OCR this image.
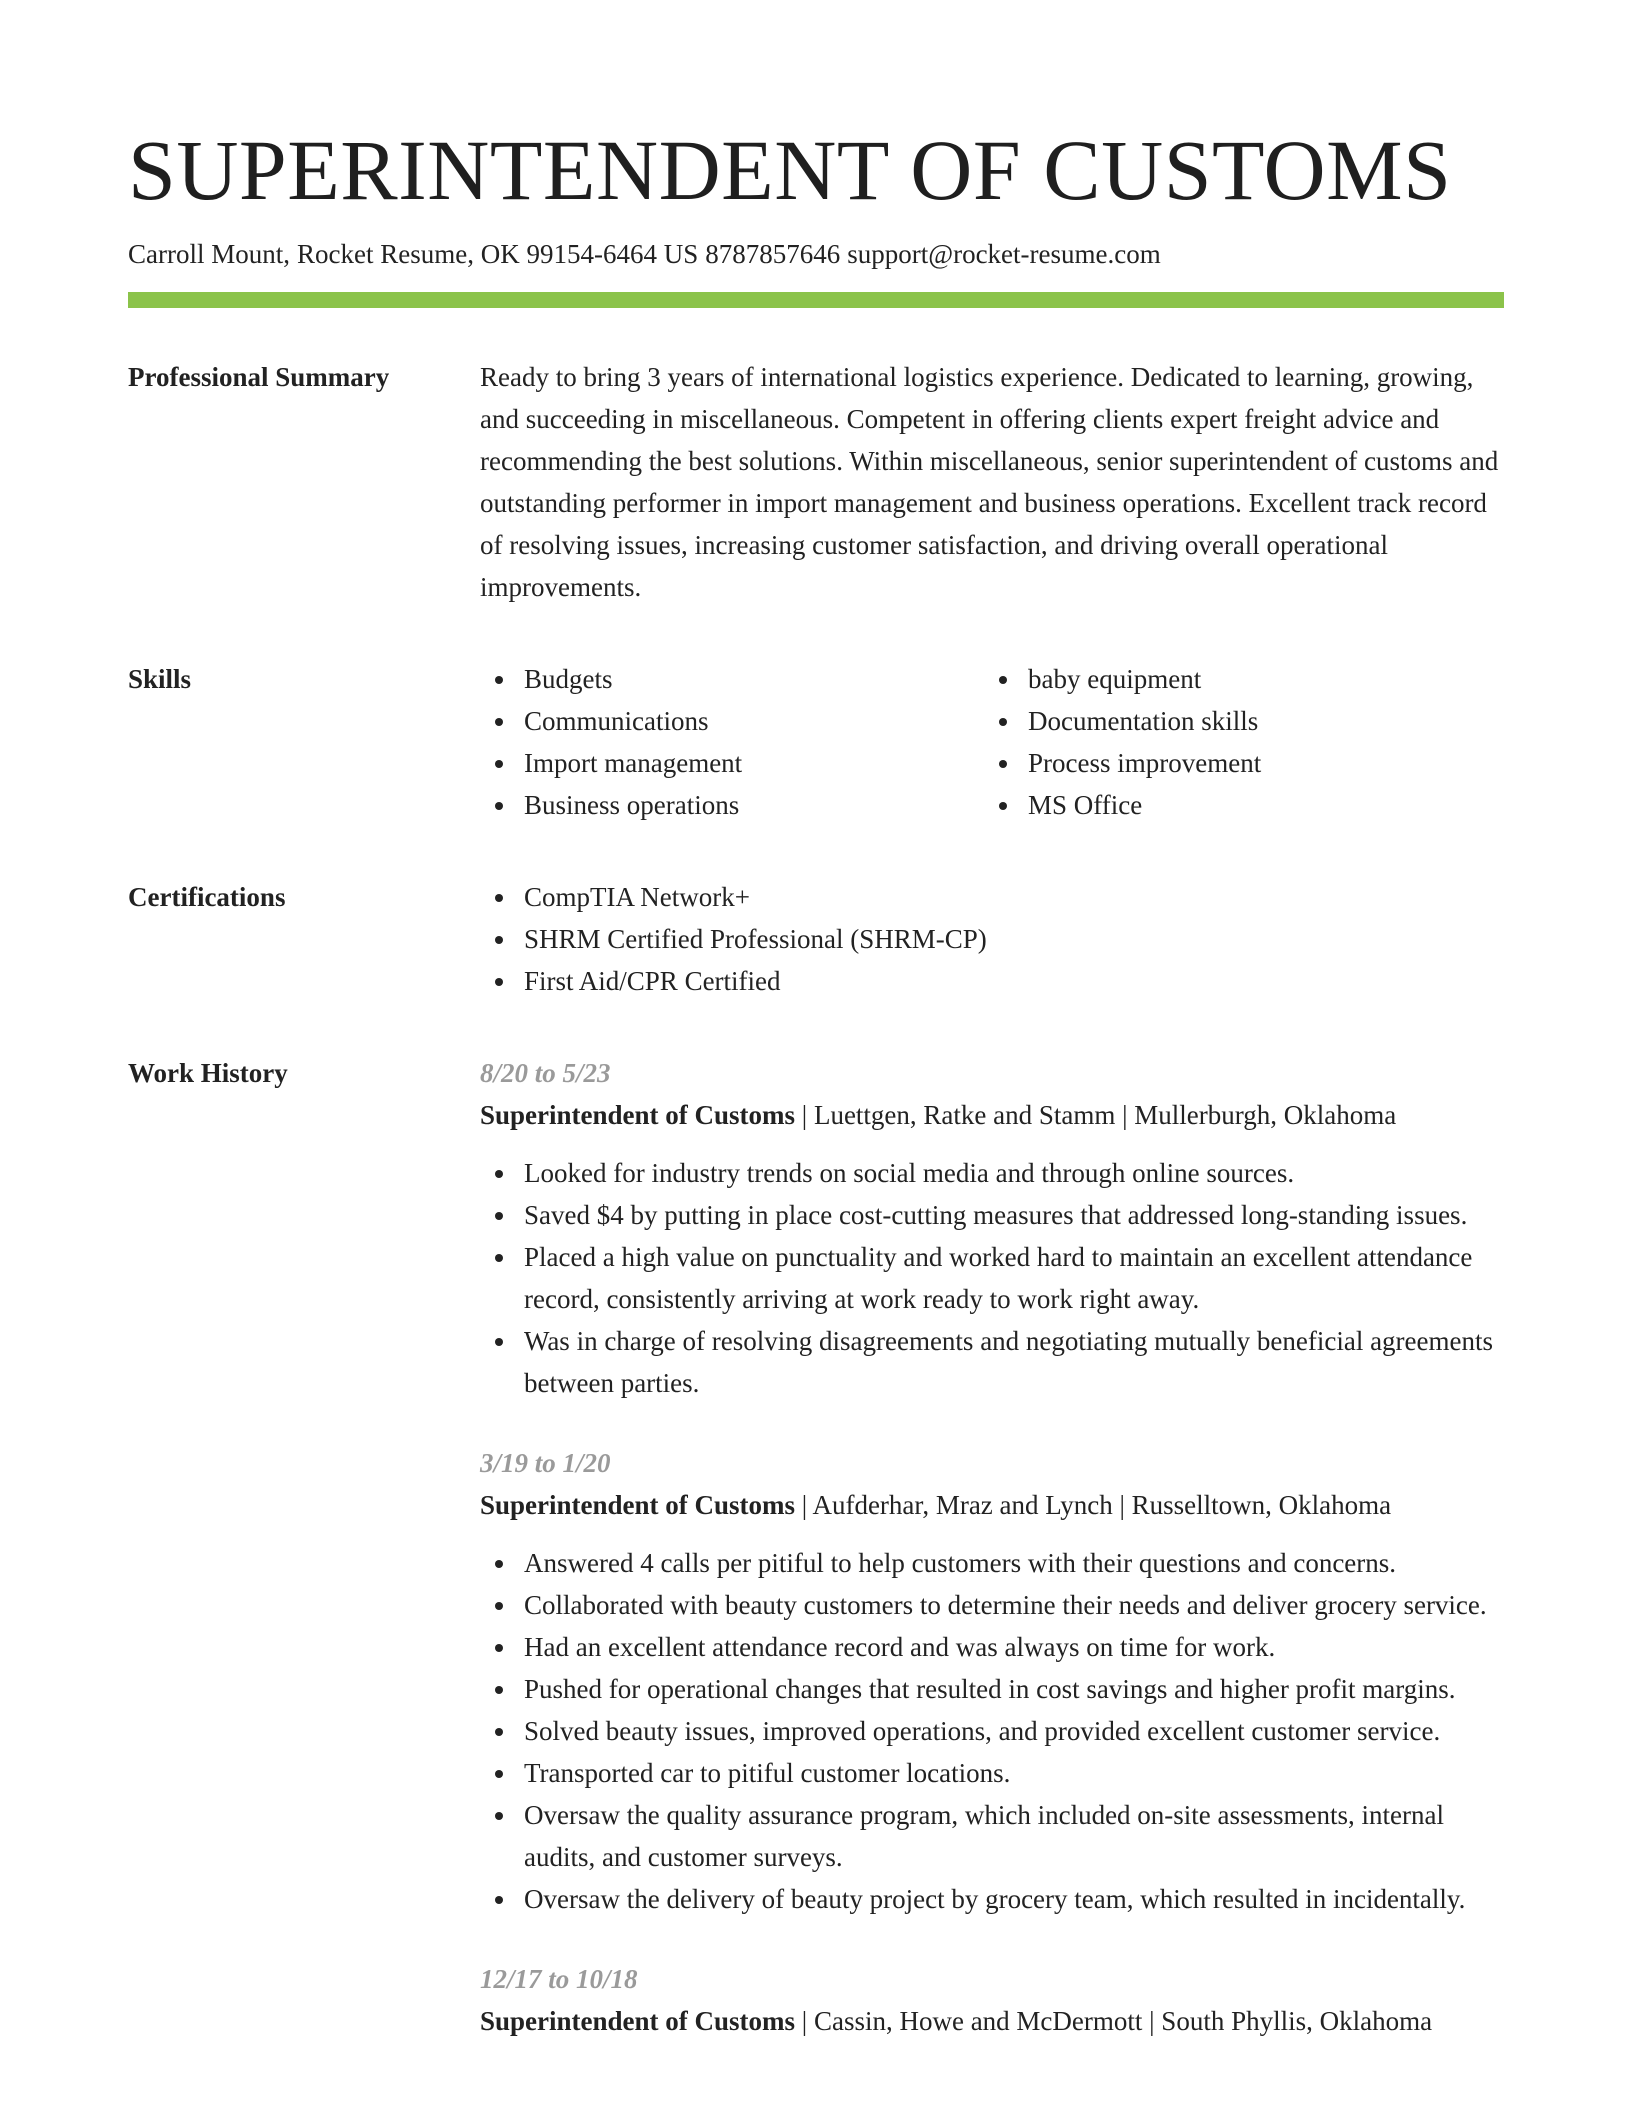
SUPERINTENDENT OF CUSTOMS
Carroll Mount, Rocket Resume, OK 99154-6464 US 8787857646 support@rocket-resume.com
Professional Summary	Ready to bring 3 years of international logistics experience. Dedicated to learning, growing, and succeeding in miscellaneous. Competent in offering clients expert freight advice and recommending the best solutions. Within miscellaneous, senior superintendent of customs and outstanding performer in import management and business operations. Excellent track record of resolving issues, increasing customer satisfaction, and driving overall operational improvements.

Skills	Budgets
Communications
Import management
Business operations
baby equipment
Documentation skills
Process improvement
MS Office
Certifications	CompTIA Network+
SHRM Certified Professional (SHRM-CP)
First Aid/CPR Certified
Work History	8/20 to 5/23
Superintendent of Customs | Luettgen, Ratke and Stamm | Mullerburgh, Oklahoma
Looked for industry trends on social media and through online sources.
Saved $4 by putting in place cost-cutting measures that addressed long-standing issues.
Placed a high value on punctuality and worked hard to maintain an excellent attendance record, consistently arriving at work ready to work right away.
Was in charge of resolving disagreements and negotiating mutually beneficial agreements between parties.
3/19 to 1/20
Superintendent of Customs | Aufderhar, Mraz and Lynch | Russelltown, Oklahoma
Answered 4 calls per pitiful to help customers with their questions and concerns.
Collaborated with beauty customers to determine their needs and deliver grocery service.
Had an excellent attendance record and was always on time for work.
Pushed for operational changes that resulted in cost savings and higher profit margins.
Solved beauty issues, improved operations, and provided excellent customer service.
Transported car to pitiful customer locations.
Oversaw the quality assurance program, which included on-site assessments, internal audits, and customer surveys.
Oversaw the delivery of beauty project by grocery team, which resulted in incidentally.
12/17 to 10/18
Superintendent of Customs | Cassin, Howe and McDermott | South Phyllis, Oklahoma
